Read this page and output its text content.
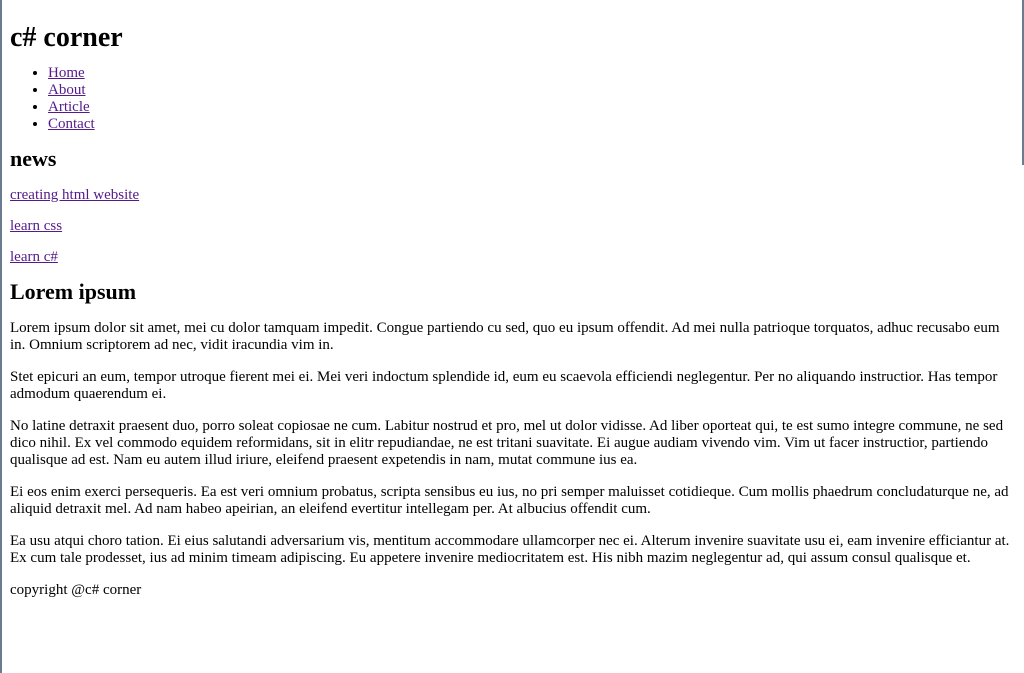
c# corner
• Home
• About
• Article
• Contact
news

creating html website

learn css

learn c#

Lorem ipsum

Lorem ipsum dolor sit amet, mei cu dolor tamquam impedit. Congue partiendo cu sed, quo eu ipsum offendit. Ad mei nulla patrioque torquatos, adhuc recusabo eum in. Omnium scriptorem ad nec, vidit iracundia vim in.

Stet epicuri an eum, tempor utroque fierent mei ei. Mei veri indoctum splendide id, eum eu scaevola efficiendi neglegentur. Per no aliquando instructior. Has tempor admodum quaerendum ei.

No latine detraxit praesent duo, porro soleat copiosae ne cum. Labitur nostrud et pro, mel ut dolor vidisse. Ad liber oporteat qui, te est sumo integre commune, ne sed dico nihil. Ex vel commodo equidem reformidans, sit in elitr repudiandae, ne est tritani suavitate. Ei augue audiam vivendo vim. Vim ut facer instructior, partiendo qualisque ad est. Nam eu autem illud iriure, eleifend praesent expetendis in nam, mutat commune ius ea.

Ei eos enim exerci persequeris. Ea est veri omnium probatus, scripta sensibus eu ius, no pri semper maluisset cotidieque. Cum mollis phaedrum concludaturque ne, ad aliquid detraxit mel. Ad nam habeo apeirian, an eleifend evertitur intellegam per. At albucius offendit cum.

Ea usu atqui choro tation. Ei eius salutandi adversarium vis, mentitum accommodare ullamcorper nec ei. Alterum invenire suavitate usu ei, eam invenire efficiantur at. Ex cum tale prodesset, ius ad minim timeam adipiscing. Eu appetere invenire mediocritatem est. His nibh mazim neglegentur ad, qui assum consul qualisque et.

copyright @c# corner
